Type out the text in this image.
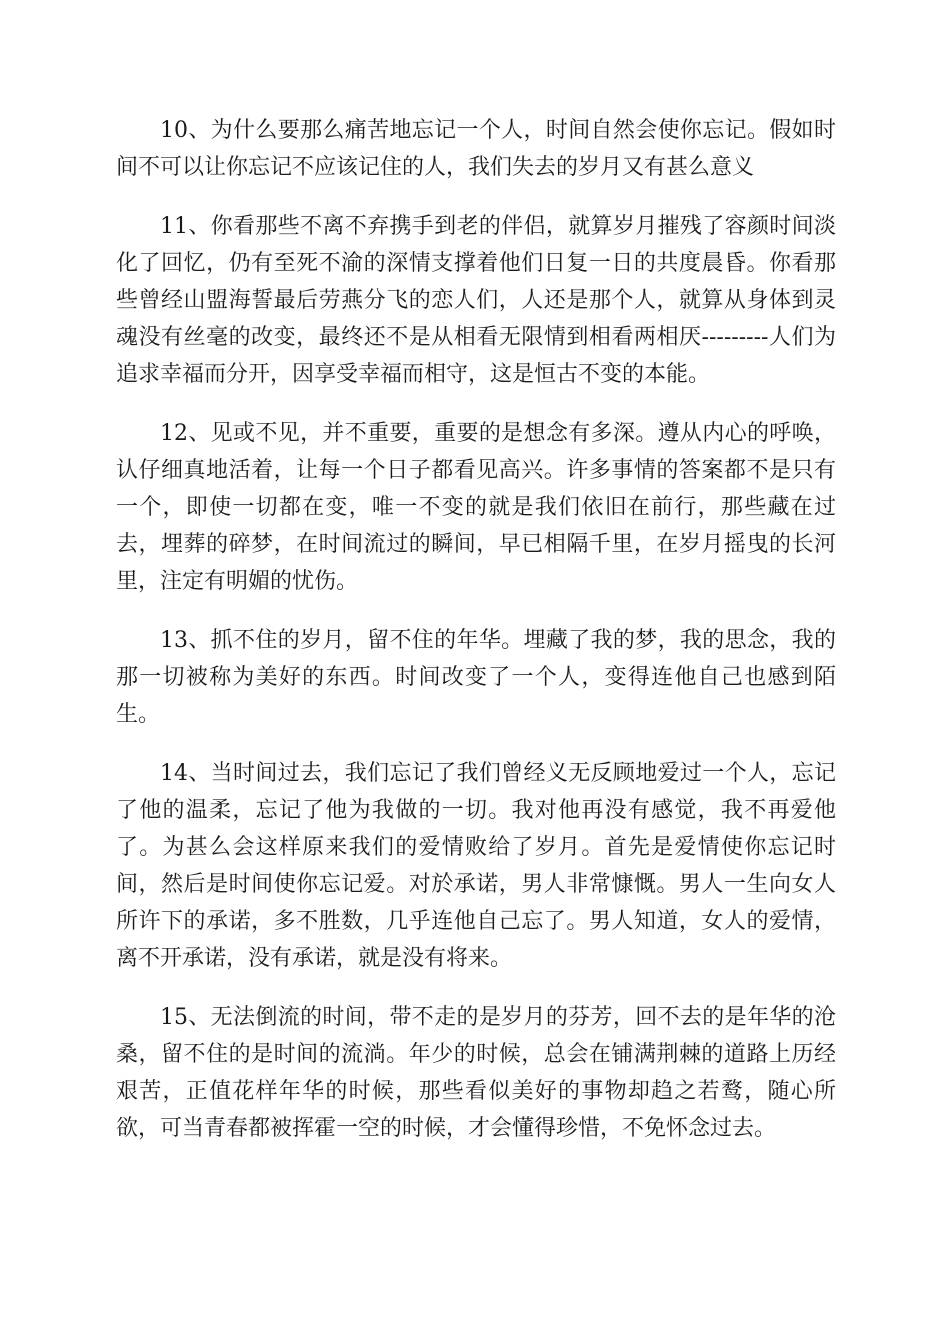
10、为什么要那么痛苦地忘记一个人，时间自然会使你忘记。假如时间不可以让你忘记不应该记住的人，我们失去的岁月又有甚么意义

11、你看那些不离不弃携手到老的伴侣，就算岁月摧残了容颜时间淡化了回忆，仍有至死不渝的深情支撑着他们日复一日的共度晨昏。你看那些曾经山盟海誓最后劳燕分飞的恋人们，人还是那个人，就算从身体到灵魂没有丝毫的改变，最终还不是从相看无限情到相看两相厌---------人们为追求幸福而分开，因享受幸福而相守，这是恒古不变的本能。

12、见或不见，并不重要，重要的是想念有多深。遵从内心的呼唤，认仔细真地活着，让每一个日子都看见高兴。许多事情的答案都不是只有一个，即使一切都在变，唯一不变的就是我们依旧在前行，那些藏在过去，埋葬的碎梦，在时间流过的瞬间，早已相隔千里，在岁月摇曳的长河里，注定有明媚的忧伤。

13、抓不住的岁月，留不住的年华。埋藏了我的梦，我的思念，我的那一切被称为美好的东西。时间改变了一个人，变得连他自己也感到陌生。

14、当时间过去，我们忘记了我们曾经义无反顾地爱过一个人，忘记了他的温柔，忘记了他为我做的一切。我对他再没有感觉，我不再爱他了。为甚么会这样原来我们的爱情败给了岁月。首先是爱情使你忘记时间，然后是时间使你忘记爱。对於承诺，男人非常慷慨。男人一生向女人所许下的承诺，多不胜数，几乎连他自己忘了。男人知道，女人的爱情，离不开承诺，没有承诺，就是没有将来。

15、无法倒流的时间，带不走的是岁月的芬芳，回不去的是年华的沧桑，留不住的是时间的流淌。年少的时候，总会在铺满荆棘的道路上历经艰苦，正值花样年华的时候，那些看似美好的事物却趋之若鹜，随心所欲，可当青春都被挥霍一空的时候，才会懂得珍惜，不免怀念过去。
